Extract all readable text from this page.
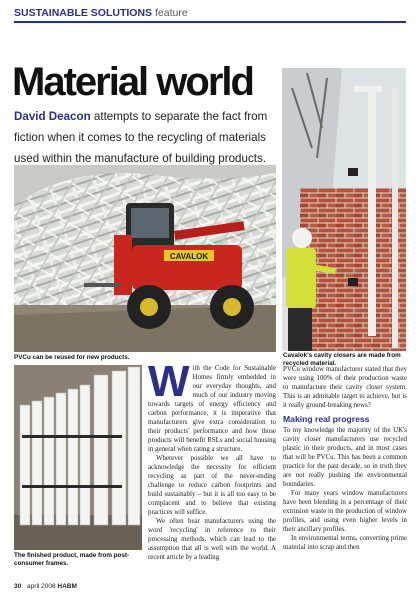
SUSTAINABLE SOLUTIONS feature
Material world
David Deacon attempts to separate the fact from fiction when it comes to the recycling of materials used within the manufacture of building products.
CAVALOK
PVCu can be reused for new products.	Cavalok's cavity closers are made from recycled material.
The finished product, made from post-consumer frames.
W ith the Code for Sustainable Homes firmly embedded in our everyday thoughts, and much of our industry moving towards targets of energy efficiency and carbon performance, it is imperative that manufacturers give extra consideration to their products' performance and how those products will benefit RSLs and social housing in general when rating a structure.

Wherever possible we all have to acknowledge the necessity for efficient recycling as part of the never-ending challenge to reduce carbon footprints and build sustainably – but it is all too easy to be complacent and to believe that existing practices will suffice.

We often hear manufacturers using the word 'recycling' in reference to their processing methods, which can lead to the assumption that all is well with the world. A recent article by a leading

PVCu window manufacturer stated that they were using 100% of their production waste to manufacture their cavity closer system. This is an admitable target to achieve, but is it really ground-breaking news?

Making real progress

To my knowledge the majority of the UK's cavity closer manufacturers use recycled plastic in their products, and in most cases that will be PVCu. This has been a common practice for the past decade, so in truth they are not really pushing the environmental boundaries.

For many years window manufacturers have been blending in a percentage of their extrusion waste in the production of window profiles, and using even higher levels in their ancillary profiles.

In environmental terms, converting prime material into scrap and then

30 april 2008 HABM
